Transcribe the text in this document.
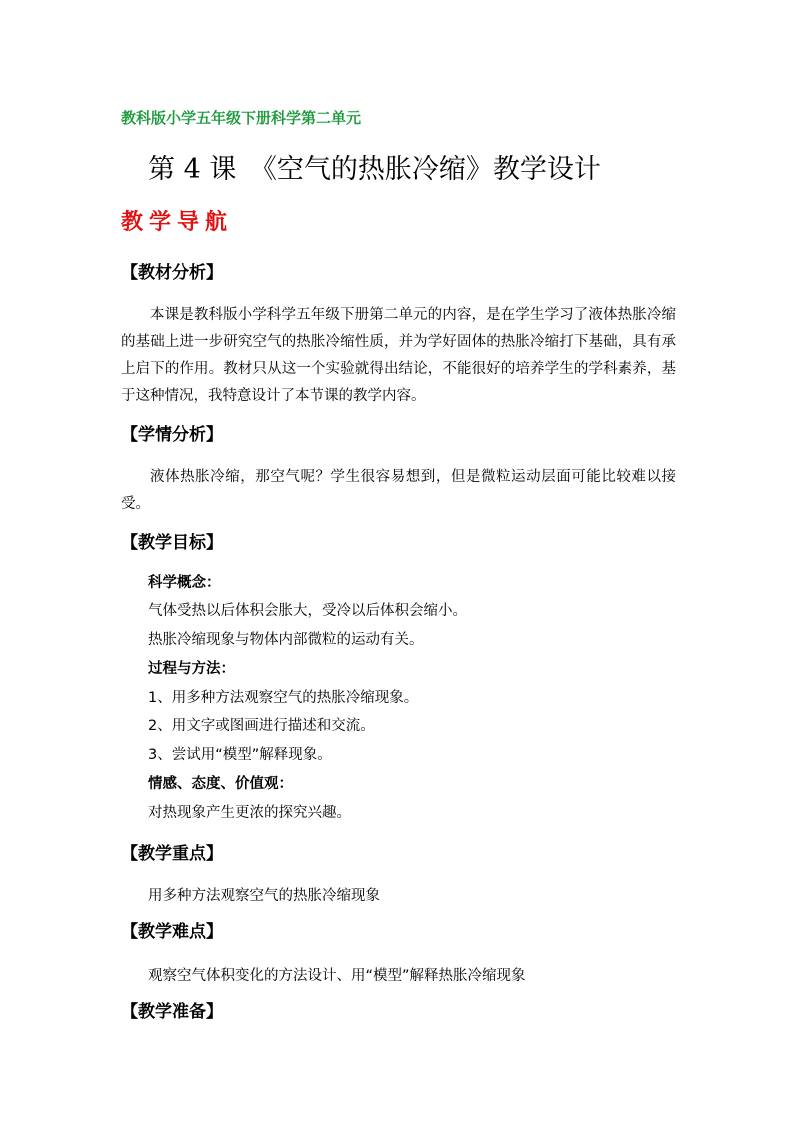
教科版小学五年级下册科学第二单元
第 4 课　《空气的热胀冷缩》教学设计
教学导航
【教材分析】
本课是教科版小学科学五年级下册第二单元的内容，是在学生学习了液体热胀冷缩的基础上进一步研究空气的热胀冷缩性质，并为学好固体的热胀冷缩打下基础，具有承上启下的作用。教材只从这一个实验就得出结论，不能很好的培养学生的学科素养，基于这种情况，我特意设计了本节课的教学内容。
【学情分析】
液体热胀冷缩，那空气呢？学生很容易想到，但是微粒运动层面可能比较难以接受。
【教学目标】
科学概念：
气体受热以后体积会胀大，受冷以后体积会缩小。
热胀冷缩现象与物体内部微粒的运动有关。
过程与方法：
1、用多种方法观察空气的热胀冷缩现象。
2、用文字或图画进行描述和交流。
3、尝试用“模型”解释现象。
情感、态度、价值观：
对热现象产生更浓的探究兴趣。
【教学重点】
用多种方法观察空气的热胀冷缩现象
【教学难点】
观察空气体积变化的方法设计、用“模型”解释热胀冷缩现象
【教学准备】
